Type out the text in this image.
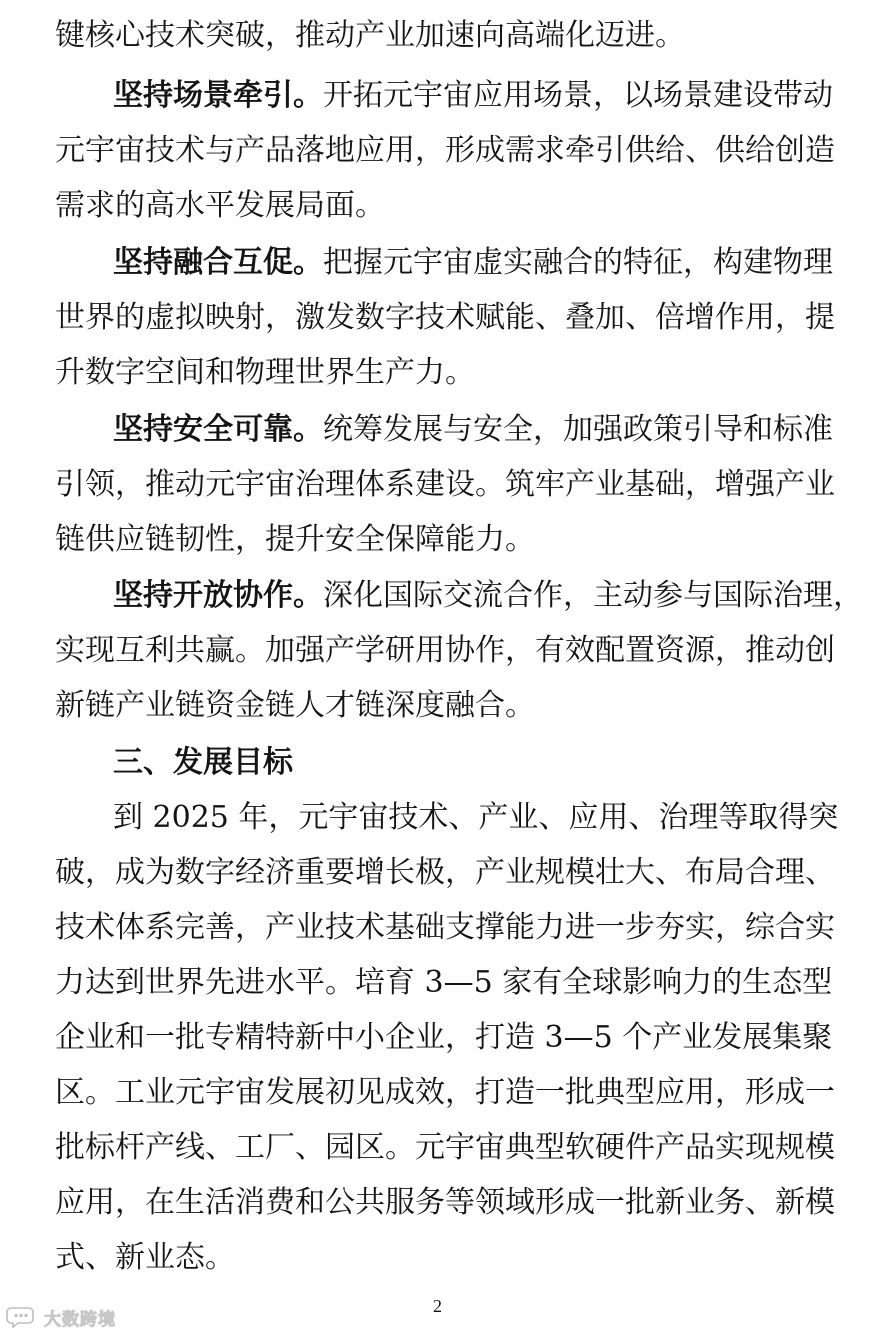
键核心技术突破，推动产业加速向高端化迈进。
坚持场景牵引。开拓元宇宙应用场景，以场景建设带动
元宇宙技术与产品落地应用，形成需求牵引供给、供给创造
需求的高水平发展局面。
坚持融合互促。把握元宇宙虚实融合的特征，构建物理
世界的虚拟映射，激发数字技术赋能、叠加、倍增作用，提
升数字空间和物理世界生产力。
坚持安全可靠。统筹发展与安全，加强政策引导和标准
引领，推动元宇宙治理体系建设。筑牢产业基础，增强产业
链供应链韧性，提升安全保障能力。
坚持开放协作。深化国际交流合作，主动参与国际治理，
实现互利共赢。加强产学研用协作，有效配置资源，推动创
新链产业链资金链人才链深度融合。
三、发展目标
到 2025 年，元宇宙技术、产业、应用、治理等取得突
破，成为数字经济重要增长极，产业规模壮大、布局合理、
技术体系完善，产业技术基础支撑能力进一步夯实，综合实
力达到世界先进水平。培育 3—5 家有全球影响力的生态型
企业和一批专精特新中小企业，打造 3—5 个产业发展集聚
区。工业元宇宙发展初见成效，打造一批典型应用，形成一
批标杆产线、工厂、园区。元宇宙典型软硬件产品实现规模
应用，在生活消费和公共服务等领域形成一批新业务、新模
式、新业态。
2
大数跨境
